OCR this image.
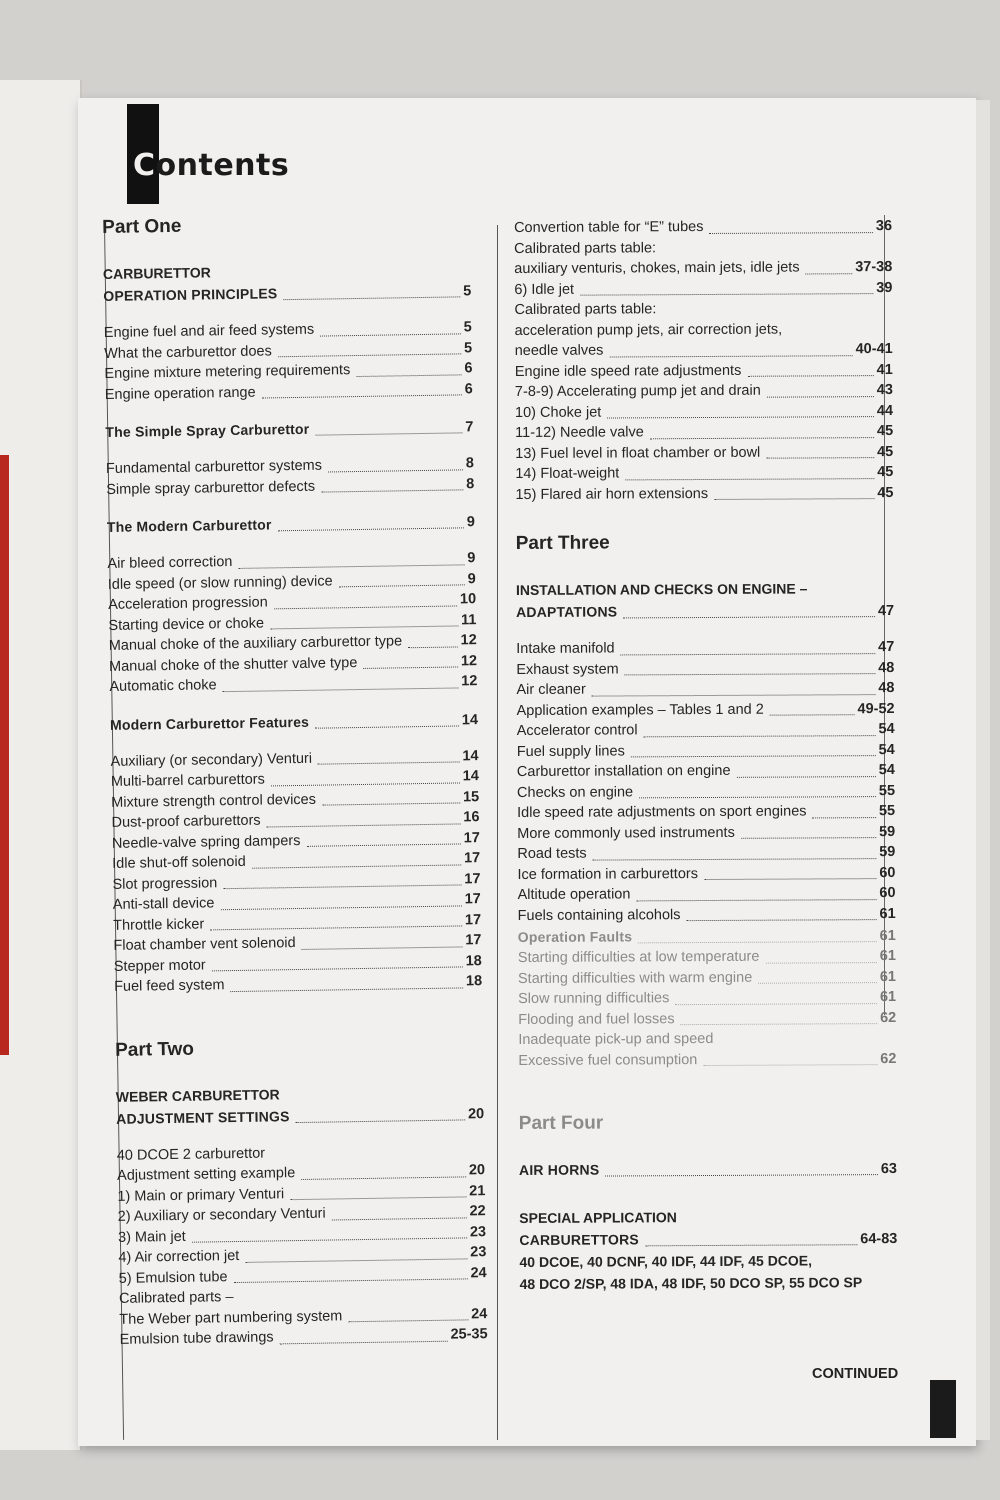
Contents
Part One
CARBURETTOR
OPERATION PRINCIPLES	5
Engine fuel and air feed systems	5
What the carburettor does	5
Engine mixture metering requirements	6
Engine operation range	6
The Simple Spray Carburettor	7
Fundamental carburettor systems	8
Simple spray carburettor defects	8
The Modern Carburettor	9
Air bleed correction	9
Idle speed (or slow running) device	9
Acceleration progression	10
Starting device or choke	11
Manual choke of the auxiliary carburettor type	12
Manual choke of the shutter valve type	12
Automatic choke	12
Modern Carburettor Features	14
Auxiliary (or secondary) Venturi	14
Multi-barrel carburettors	14
Mixture strength control devices	15
Dust-proof carburettors	16
Needle-valve spring dampers	17
Idle shut-off solenoid	17
Slot progression	17
Anti-stall device	17
Throttle kicker	17
Float chamber vent solenoid	17
Stepper motor	18
Fuel feed system	18
Part Two
WEBER CARBURETTOR
ADJUSTMENT SETTINGS	20
40 DCOE 2 carburettor
Adjustment setting example	20
1) Main or primary Venturi	21
2) Auxiliary or secondary Venturi	22
3) Main jet	23
4) Air correction jet	23
5) Emulsion tube	24
Calibrated parts –
The Weber part numbering system	24
Emulsion tube drawings	25-35
Convertion table for “E” tubes	36
Calibrated parts table:
auxiliary venturis, chokes, main jets, idle jets	37-38
6) Idle jet	39
Calibrated parts table:
acceleration pump jets, air correction jets,
needle valves	40-41
Engine idle speed rate adjustments	41
7-8-9) Accelerating pump jet and drain	43
10) Choke jet	44
11-12) Needle valve	45
13) Fuel level in float chamber or bowl	45
14) Float-weight	45
15) Flared air horn extensions	45
Part Three
INSTALLATION AND CHECKS ON ENGINE –
ADAPTATIONS	47
Intake manifold	47
Exhaust system	48
Air cleaner	48
Application examples – Tables 1 and 2	49-52
Accelerator control	54
Fuel supply lines	54
Carburettor installation on engine	54
Checks on engine	55
Idle speed rate adjustments on sport engines	55
More commonly used instruments	59
Road tests	59
Ice formation in carburettors	60
Altitude operation	60
Fuels containing alcohols	61
Operation Faults	61
Starting difficulties at low temperature	61
Starting difficulties with warm engine	61
Slow running difficulties	61
Flooding and fuel losses	62
Inadequate pick-up and speed
Excessive fuel consumption	62
Part Four
AIR HORNS	63
SPECIAL APPLICATION
CARBURETTORS	64-83
40 DCOE, 40 DCNF, 40 IDF, 44 IDF, 45 DCOE,
48 DCO 2/SP, 48 IDA, 48 IDF, 50 DCO SP, 55 DCO SP
CONTINUED
